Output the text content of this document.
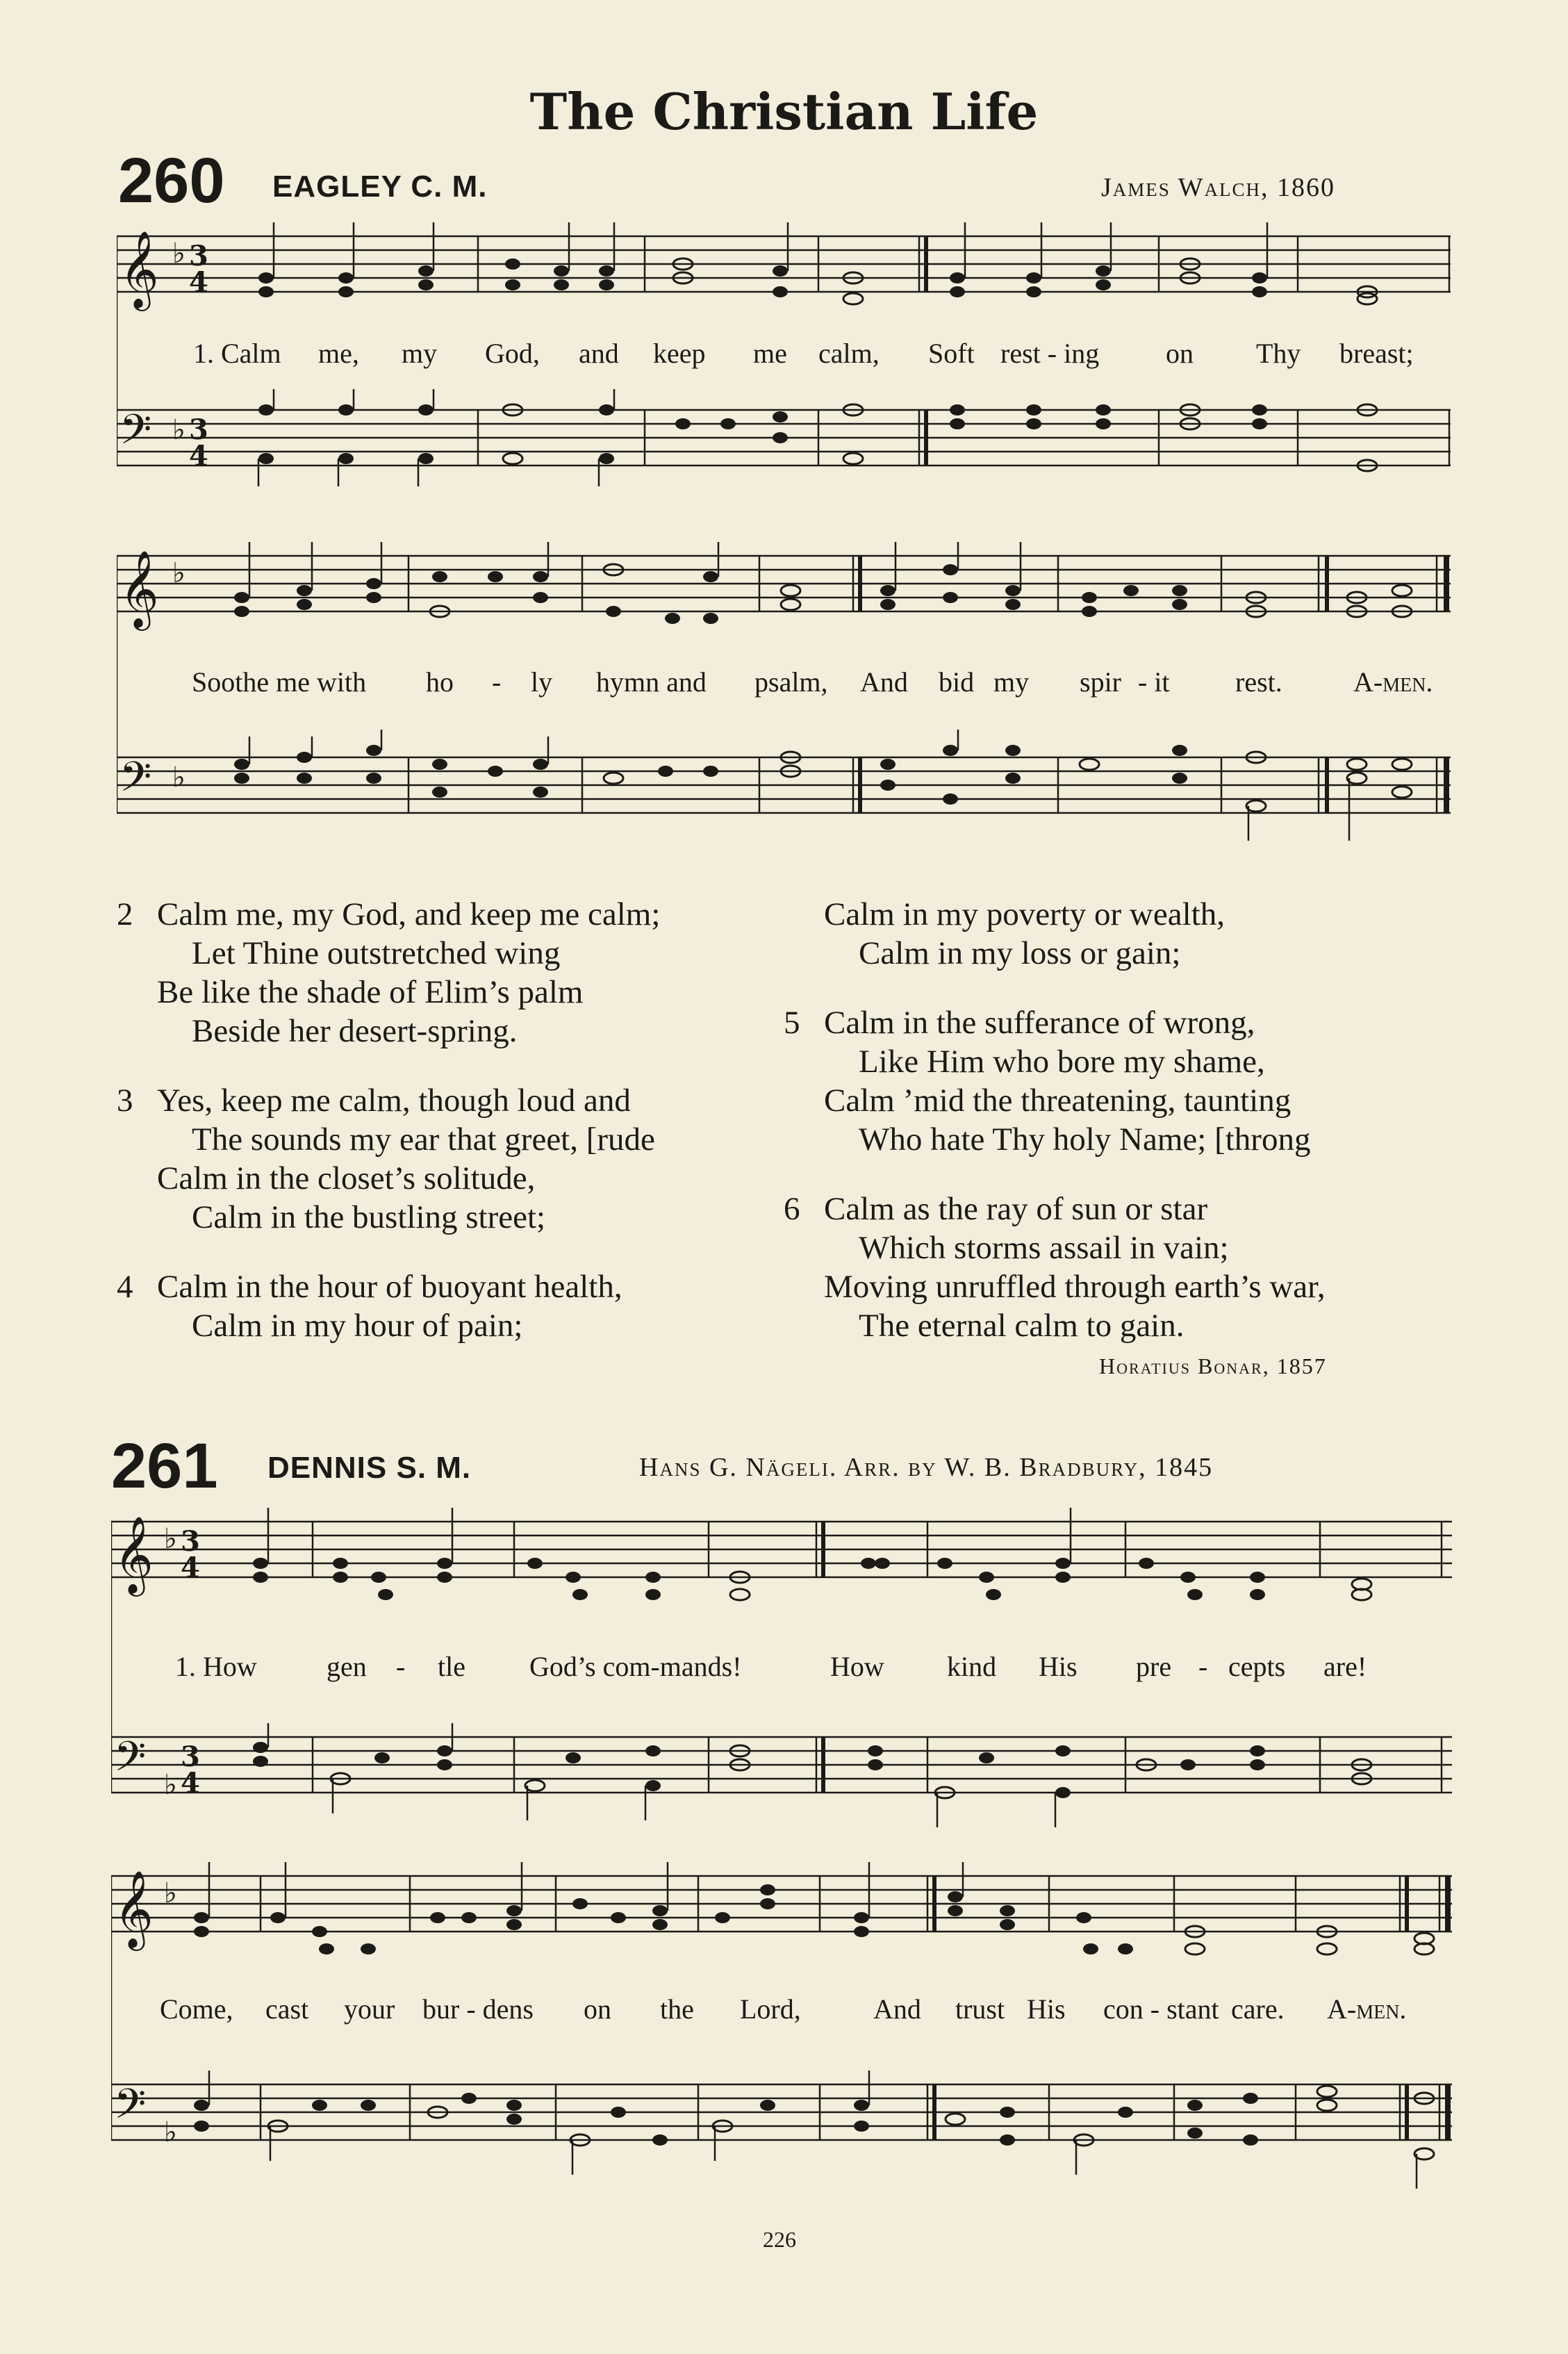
The Christian Life
260 EAGLEY C. M.	James Walch, 1860
𝄞
𝄢
♭
♭
3
4
3
4
1. Calm me, my God, and keep me calm, Soft rest - ing on Thy breast;
𝄞
𝄢
♭
♭
Soothe me with ho - ly hymn and psalm, And bid my spir - it rest.	A-men.
2 Calm me, my God, and keep me calm;
Let Thine outstretched wing
Be like the shade of Elim’s palm
Beside her desert-spring.
3 Yes, keep me calm, though loud and
The sounds my ear that greet, [rude
Calm in the closet’s solitude,
Calm in the bustling street;
4 Calm in the hour of buoyant health,
Calm in my hour of pain;
Calm in my poverty or wealth,
Calm in my loss or gain;
5 Calm in the sufferance of wrong,
Like Him who bore my shame,
Calm ’mid the threatening, taunting
Who hate Thy holy Name; [throng
6 Calm as the ray of sun or star
Which storms assail in vain;
Moving unruffled through earth’s war,
The eternal calm to gain.
Horatius Bonar, 1857
261 DENNIS S. M.	Hans G. Nägeli. Arr. by W. B. Bradbury, 1845
𝄞
𝄢
♭
♭
3
4
3
4
1. How	gen - tle God’s com-mands!	How kind His pre - cepts are!
𝄞
𝄢
♭
♭
Come, cast your bur - dens on the Lord,	And trust His con - stant care. A-men.
226
